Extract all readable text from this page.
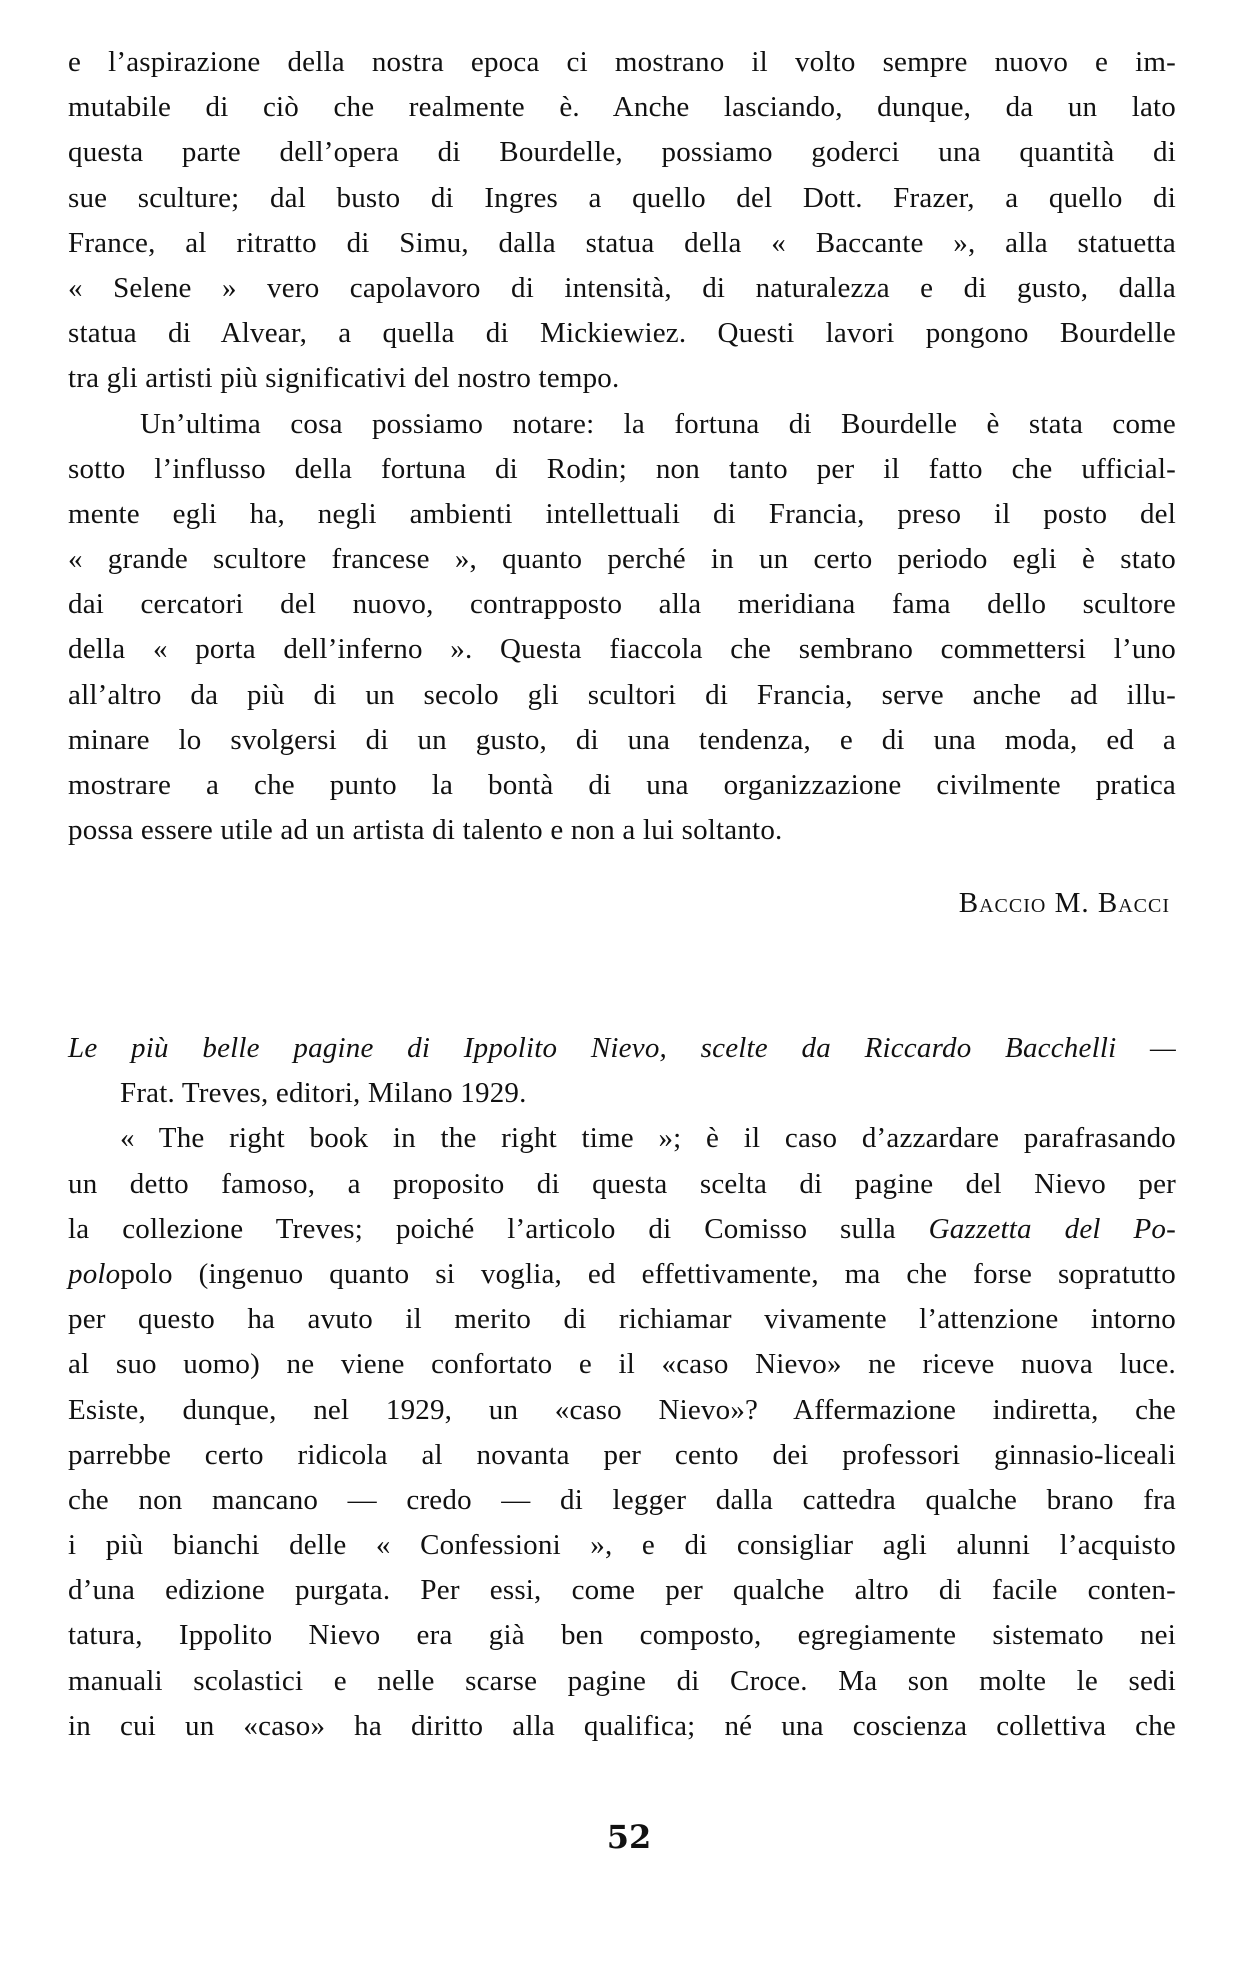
e l’aspirazione della nostra epoca ci mostrano il volto sempre nuovo e im-
mutabile di ciò che realmente è. Anche lasciando, dunque, da un lato
questa parte dell’opera di Bourdelle, possiamo goderci una quantità di
sue sculture; dal busto di Ingres a quello del Dott. Frazer, a quello di
France, al ritratto di Simu, dalla statua della « Baccante », alla statuetta
« Selene » vero capolavoro di intensità, di naturalezza e di gusto, dalla
statua di Alvear, a quella di Mickiewiez. Questi lavori pongono Bourdelle
tra gli artisti più significativi del nostro tempo.
Un’ultima cosa possiamo notare: la fortuna di Bourdelle è stata come
sotto l’influsso della fortuna di Rodin; non tanto per il fatto che ufficial-
mente egli ha, negli ambienti intellettuali di Francia, preso il posto del
« grande scultore francese », quanto perché in un certo periodo egli è stato
dai cercatori del nuovo, contrapposto alla meridiana fama dello scultore
della « porta dell’inferno ». Questa fiaccola che sembrano commettersi l’uno
all’altro da più di un secolo gli scultori di Francia, serve anche ad illu-
minare lo svolgersi di un gusto, di una tendenza, e di una moda, ed a
mostrare a che punto la bontà di una organizzazione civilmente pratica
possa essere utile ad un artista di talento e non a lui soltanto.
Baccio M. Bacci
Le più belle pagine di Ippolito Nievo, scelte da Riccardo Bacchelli —
Frat. Treves, editori, Milano 1929.
« The right book in the right time »; è il caso d’azzardare parafrasando
un detto famoso, a proposito di questa scelta di pagine del Nievo per
la collezione Treves; poiché l’articolo di Comisso sulla Gazzetta del Po-
polopolo (ingenuo quanto si voglia, ed effettivamente, ma che forse sopratutto
per questo ha avuto il merito di richiamar vivamente l’attenzione intorno
al suo uomo) ne viene confortato e il «caso Nievo» ne riceve nuova luce.
Esiste, dunque, nel 1929, un «caso Nievo»? Affermazione indiretta, che
parrebbe certo ridicola al novanta per cento dei professori ginnasio-liceali
che non mancano — credo — di legger dalla cattedra qualche brano fra
i più bianchi delle « Confessioni », e di consigliar agli alunni l’acquisto
d’una edizione purgata. Per essi, come per qualche altro di facile conten-
tatura, Ippolito Nievo era già ben composto, egregiamente sistemato nei
manuali scolastici e nelle scarse pagine di Croce. Ma son molte le sedi
in cui un «caso» ha diritto alla qualifica; né una coscienza collettiva che
52
